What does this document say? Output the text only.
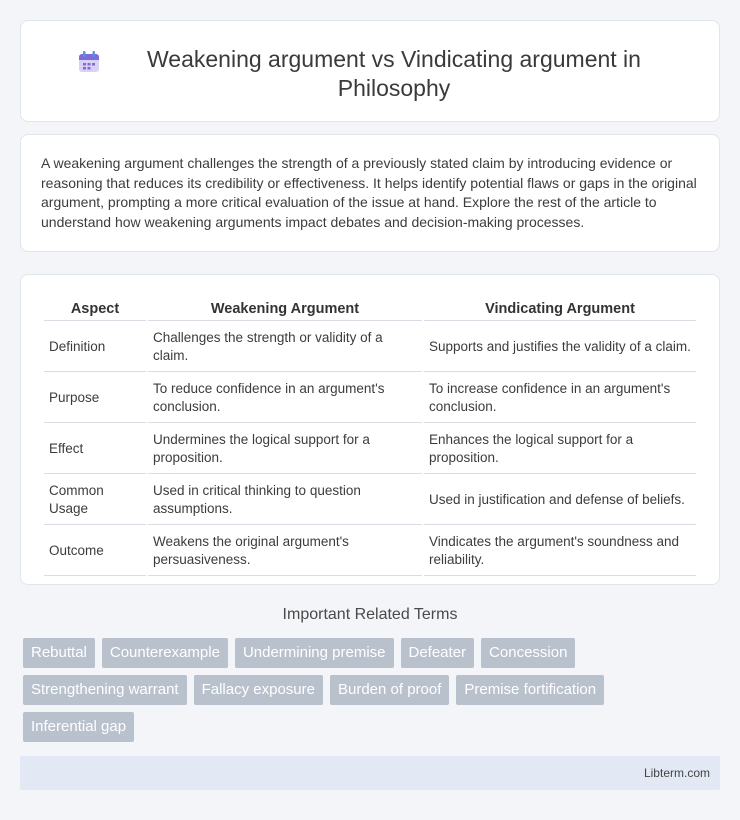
Weakening argument vs Vindicating argument in Philosophy

A weakening argument challenges the strength of a previously stated claim by introducing evidence or reasoning that reduces its credibility or effectiveness. It helps identify potential flaws or gaps in the original argument, prompting a more critical evaluation of the issue at hand. Explore the rest of the article to understand how weakening arguments impact debates and decision-making processes.

Aspect	Weakening Argument	Vindicating Argument
Definition	Challenges the strength or validity of a claim.	Supports and justifies the validity of a claim.
Purpose	To reduce confidence in an argument's conclusion.	To increase confidence in an argument's conclusion.
Effect	Undermines the logical support for a proposition.	Enhances the logical support for a proposition.
Common Usage	Used in critical thinking to question assumptions.	Used in justification and defense of beliefs.
Outcome	Weakens the original argument's persuasiveness.	Vindicates the argument's soundness and reliability.
Important Related Terms
Rebuttal	Counterexample	Undermining premise	Defeater	Concession
Strengthening warrant	Fallacy exposure	Burden of proof	Premise fortification
Inferential gap
Libterm.com
